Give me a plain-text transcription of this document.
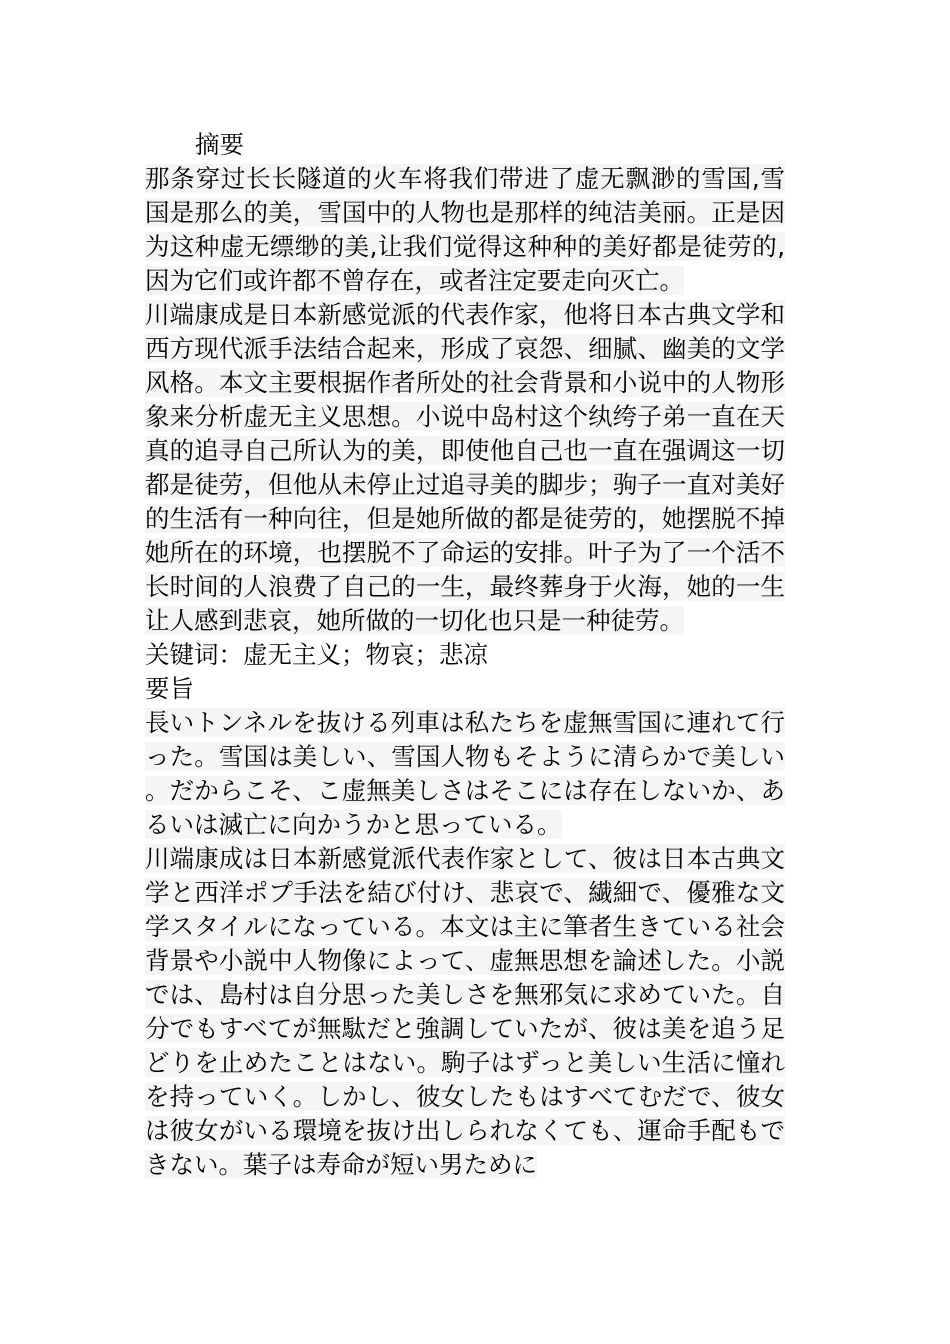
摘要

那条穿过长长隧道的火车将我们带进了虚无飘渺的雪国,雪国是那么的美，雪国中的人物也是那样的纯洁美丽。正是因为这种虚无缥缈的美,让我们觉得这种种的美好都是徒劳的,因为它们或许都不曾存在，或者注定要走向灭亡。

川端康成是日本新感觉派的代表作家，他将日本古典文学和西方现代派手法结合起来，形成了哀怨、细腻、幽美的文学风格。本文主要根据作者所处的社会背景和小说中的人物形象来分析虚无主义思想。小说中岛村这个纨绔子弟一直在天真的追寻自己所认为的美，即使他自己也一直在强调这一切都是徒劳，但他从未停止过追寻美的脚步；驹子一直对美好的生活有一种向往，但是她所做的都是徒劳的，她摆脱不掉她所在的环境，也摆脱不了命运的安排。叶子为了一个活不长时间的人浪费了自己的一生，最终葬身于火海，她的一生让人感到悲哀，她所做的一切化也只是一种徒劳。

关键词：虚无主义；物哀；悲凉

要旨

長いトンネルを抜ける列車は私たちを虚無雪国に連れて行った。雪国は美しい、雪国人物もそように清らかで美しい。だからこそ、こ虚無美しさはそこには存在しないか、あるいは滅亡に向かうかと思っている。

川端康成は日本新感覚派代表作家として、彼は日本古典文学と西洋ポプ手法を結び付け、悲哀で、繊細で、優雅な文学スタイルになっている。本文は主に筆者生きている社会背景や小説中人物像によって、虚無思想を論述した。小説では、島村は自分思った美しさを無邪気に求めていた。自分でもすべてが無駄だと強調していたが、彼は美を追う足どりを止めたことはない。駒子はずっと美しい生活に憧れを持っていく。しかし、彼女したもはすべてむだで、彼女は彼女がいる環境を抜け出しられなくても、運命手配もできない。葉子は寿命が短い男ために
